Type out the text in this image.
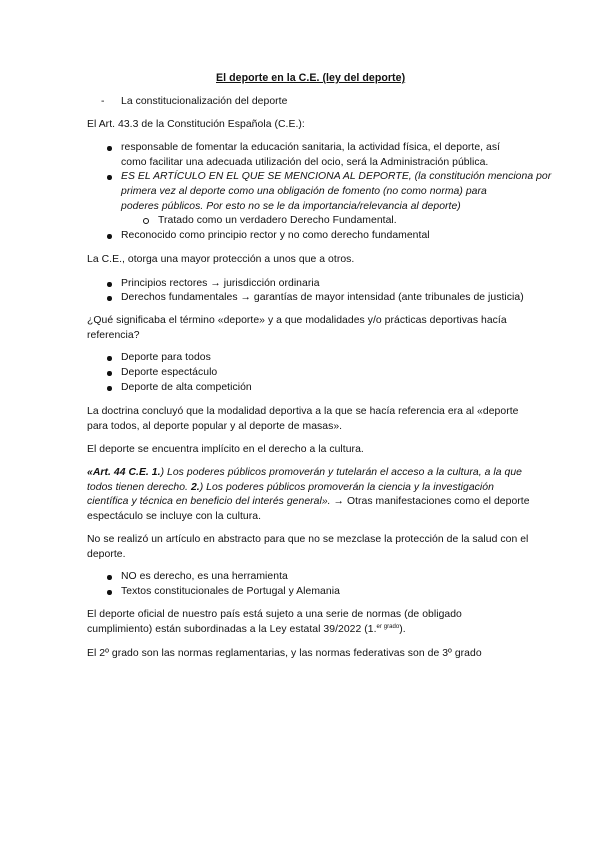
El deporte en la C.E. (ley del deporte)
- La constitucionalización del deporte
El Art. 43.3 de la Constitución Española (C.E.):
responsable de fomentar la educación sanitaria, la actividad física, el deporte, así
como facilitar una adecuada utilización del ocio, será la Administración pública.
ES EL ARTÍCULO EN EL QUE SE MENCIONA AL DEPORTE, (la constitución menciona por
primera vez al deporte como una obligación de fomento (no como norma) para
poderes públicos. Por esto no se le da importancia/relevancia al deporte)
Tratado como un verdadero Derecho Fundamental.
Reconocido como principio rector y no como derecho fundamental
La C.E., otorga una mayor protección a unos que a otros.
Principios rectores → jurisdicción ordinaria
Derechos fundamentales → garantías de mayor intensidad (ante tribunales de justicia)
¿Qué significaba el término «deporte» y a que modalidades y/o prácticas deportivas hacía
referencia?
Deporte para todos
Deporte espectáculo
Deporte de alta competición
La doctrina concluyó que la modalidad deportiva a la que se hacía referencia era al «deporte
para todos, al deporte popular y al deporte de masas».
El deporte se encuentra implícito en el derecho a la cultura.
«Art. 44 C.E. 1.) Los poderes públicos promoverán y tutelarán el acceso a la cultura, a la que
todos tienen derecho. 2.) Los poderes públicos promoverán la ciencia y la investigación
científica y técnica en beneficio del interés general». → Otras manifestaciones como el deporte
espectáculo se incluye con la cultura.
No se realizó un artículo en abstracto para que no se mezclase la protección de la salud con el
deporte.
NO es derecho, es una herramienta
Textos constitucionales de Portugal y Alemania
El deporte oficial de nuestro país está sujeto a una serie de normas (de obligado
cumplimiento) están subordinadas a la Ley estatal 39/2022 (1.$^{er grado}$).
El 2º grado son las normas reglamentarias, y las normas federativas son de 3º grado
